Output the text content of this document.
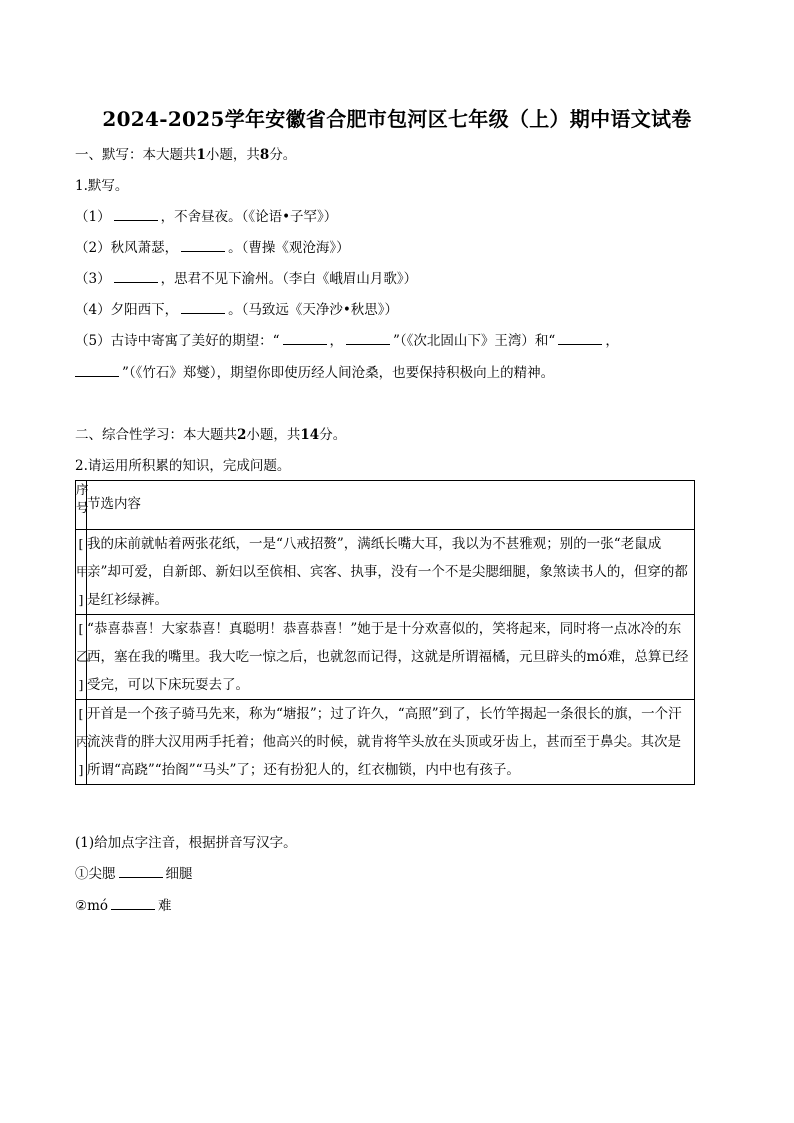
2024-2025学年安徽省合肥市包河区七年级（上）期中语文试卷
一、默写：本大题共1小题，共8分。
1.默写。
（1）	，不舍昼夜。（《论语•子罕》）
（2）秋风萧瑟，	。（曹操《观沧海》）
（3）	，思君不见下渝州。（李白《峨眉山月歌》）
（4）夕阳西下，	。（马致远《天净沙•秋思》）
（5）古诗中寄寓了美好的期望：“	，	”（《次北固山下》王湾）和“	，
”（《竹石》郑燮），期望你即使历经人间沧桑，也要保持积极向上的精神。
二、综合性学习：本大题共2小题，共14分。
2.请运用所积累的知识，完成问题。
序
号	节选内容

[
甲
]	我的床前就帖着两张花纸，一是“八戒招赘”，满纸长嘴大耳，我以为不甚雅观；别的一张“老鼠成亲”却可爱，自新郎、新妇以至傧相、宾客、执事，没有一个不是尖腮细腿，象煞读书人的，但穿的都是红衫绿裤。

[
乙
]	“恭喜恭喜！大家恭喜！真聪明！恭喜恭喜！”她于是十分欢喜似的，笑将起来，同时将一点冰冷的东西，塞在我的嘴里。我大吃一惊之后，也就忽而记得，这就是所谓福橘，元旦辟头的mó难，总算已经受完，可以下床玩耍去了。

[
丙
]	开首是一个孩子骑马先来，称为“塘报”；过了许久，“高照”到了，长竹竿揭起一条很长的旗，一个汗流浃背的胖大汉用两手托着；他高兴的时候，就肯将竿头放在头顶或牙齿上，甚而至于鼻尖。其次是所谓“高跷”“抬阁”“马头”了；还有扮犯人的，红衣枷锁，内中也有孩子。
(1)给加点字注音，根据拼音写汉字。
①尖腮	细腿
②mó	难
